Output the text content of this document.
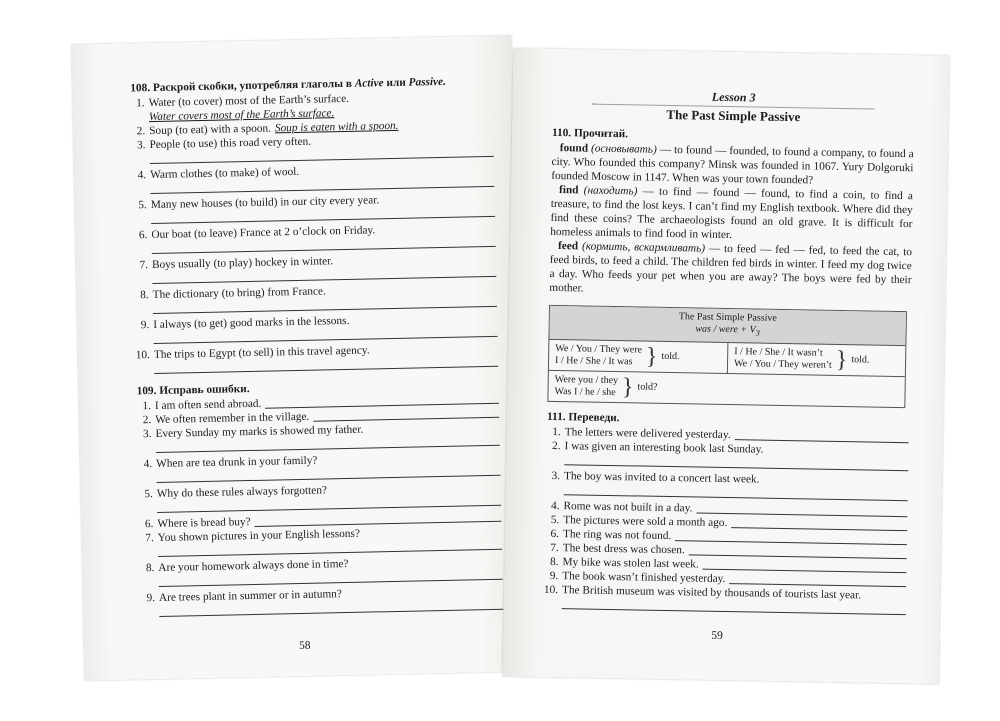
108. Раскрой скобки, употребляя глаголы в Active или Passive.
1. Water (to cover) most of the Earth’s surface.
Water covers most of the Earth’s surface.
2. Soup (to eat) with a spoon. Soup is eaten with a spoon.
3. People (to use) this road very often.
4. Warm clothes (to make) of wool.
5. Many new houses (to build) in our city every year.
6. Our boat (to leave) France at 2 o’clock on Friday.
7. Boys usually (to play) hockey in winter.
8. The dictionary (to bring) from France.
9. I always (to get) good marks in the lessons.
10. The trips to Egypt (to sell) in this travel agency.
109. Исправь ошибки.
1. I am often send abroad.
2. We often remember in the village.
3. Every Sunday my marks is showed my father.
4. When are tea drunk in your family?
5. Why do these rules always forgotten?
6. Where is bread buy?
7. You shown pictures in your English lessons?
8. Are your homework always done in time?
9. Are trees plant in summer or in autumn?
58
Lesson 3
The Past Simple Passive
110. Прочитай.
found (основывать) — to found — founded, to found a company, to found a city. Who founded this company? Minsk was founded in 1067. Yury Dolgoruki founded Moscow in 1147. When was your town founded?
find (находить) — to find — found — found, to find a coin, to find a treasure, to find the lost keys. I can’t find my English textbook. Where did they find these coins? The archaeologists found an old grave. It is difficult for homeless animals to find food in winter.
feed (кормить, вскармливать) — to feed — fed — fed, to feed the cat, to feed birds, to feed a child. The children fed birds in winter. I feed my dog twice a day. Who feeds your pet when you are away? The boys were fed by their mother.
The Past Simple Passive
was / were + $V_3$
We / You / They were
I / He / She / It was } told.	I / He / She / It wasn’t
We / You / They weren’t } told.
Were you / they
Was I / he / she } told?
111. Переведи.
1. The letters were delivered yesterday.
2. I was given an interesting book last Sunday.
3. The boy was invited to a concert last week.
4. Rome was not built in a day.
5. The pictures were sold a month ago.
6. The ring was not found.
7. The best dress was chosen.
8. My bike was stolen last week.
9. The book wasn’t finished yesterday.
10. The British museum was visited by thousands of tourists last year.
59
